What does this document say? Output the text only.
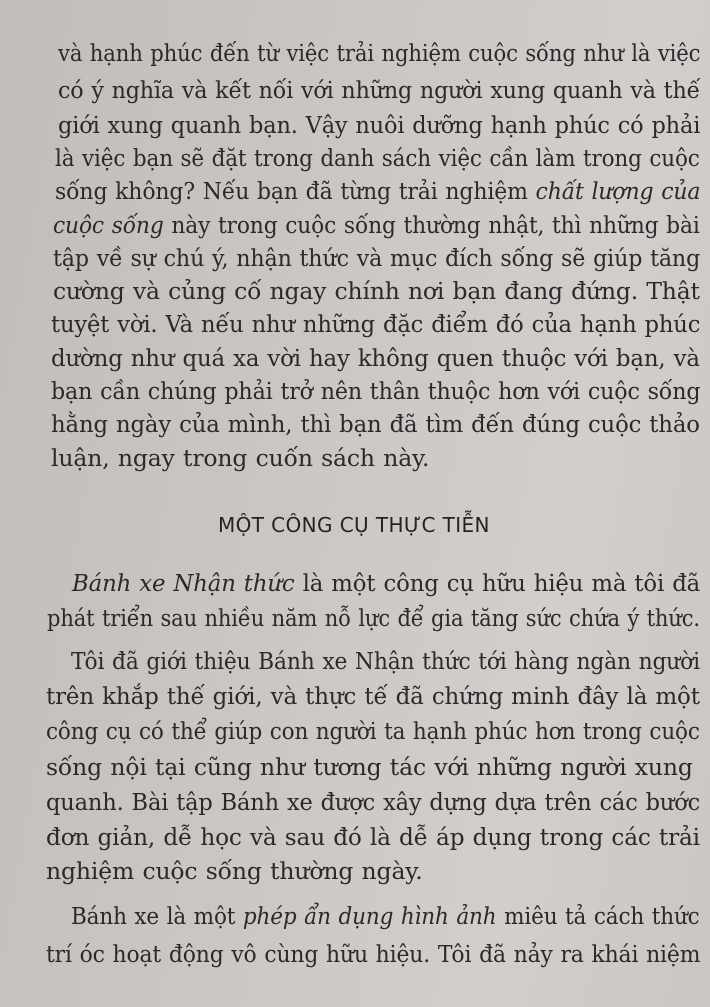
và hạnh phúc đến từ việc trải nghiệm cuộc sống như là việc
có ý nghĩa và kết nối với những người xung quanh và thế
giới xung quanh bạn. Vậy nuôi dưỡng hạnh phúc có phải
là việc bạn sẽ đặt trong danh sách việc cần làm trong cuộc
sống không? Nếu bạn đã từng trải nghiệm chất lượng của
cuộc sống này trong cuộc sống thường nhật, thì những bài
tập về sự chú ý, nhận thức và mục đích sống sẽ giúp tăng
cường và củng cố ngay chính nơi bạn đang đứng. Thật
tuyệt vời. Và nếu như những đặc điểm đó của hạnh phúc
dường như quá xa vời hay không quen thuộc với bạn, và
bạn cần chúng phải trở nên thân thuộc hơn với cuộc sống
hằng ngày của mình, thì bạn đã tìm đến đúng cuộc thảo
luận, ngay trong cuốn sách này.
MỘT CÔNG CỤ THỰC TIỄN
Bánh xe Nhận thức là một công cụ hữu hiệu mà tôi đã
phát triển sau nhiều năm nỗ lực để gia tăng sức chứa ý thức.
Tôi đã giới thiệu Bánh xe Nhận thức tới hàng ngàn người
trên khắp thế giới, và thực tế đã chứng minh đây là một
công cụ có thể giúp con người ta hạnh phúc hơn trong cuộc
sống nội tại cũng như tương tác với những người xung
quanh. Bài tập Bánh xe được xây dựng dựa trên các bước
đơn giản, dễ học và sau đó là dễ áp dụng trong các trải
nghiệm cuộc sống thường ngày.
Bánh xe là một phép ẩn dụng hình ảnh miêu tả cách thức
trí óc hoạt động vô cùng hữu hiệu. Tôi đã nảy ra khái niệm
